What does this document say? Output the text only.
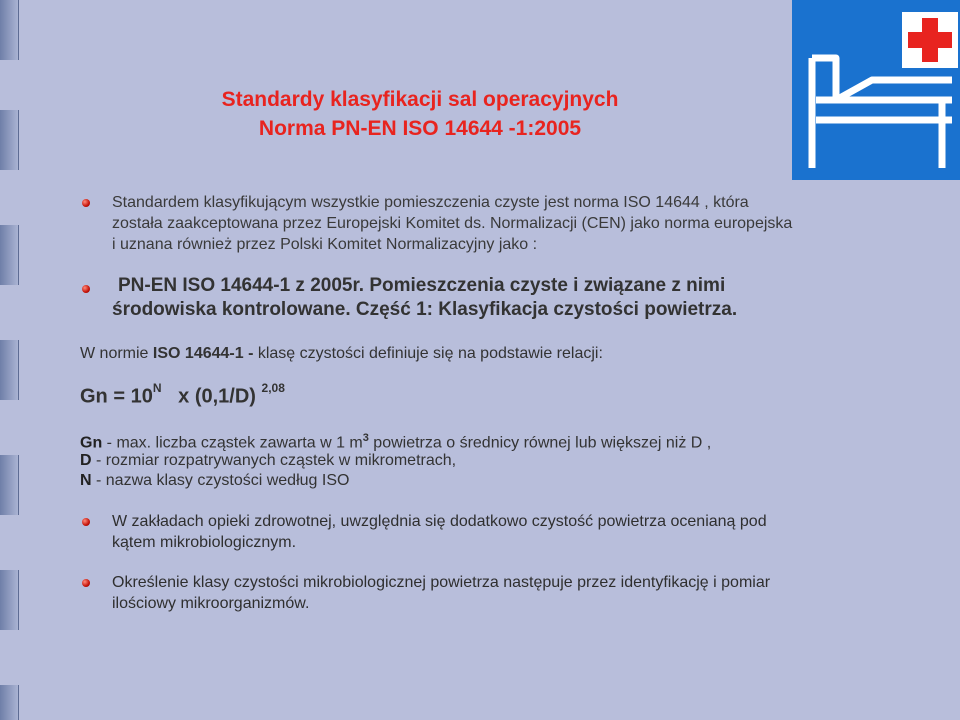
Standardy klasyfikacji sal operacyjnych
Norma PN-EN ISO 14644 -1:2005
Standardem klasyfikującym wszystkie pomieszczenia czyste jest norma ISO 14644 , która
została zaakceptowana przez Europejski Komitet ds. Normalizacji (CEN) jako norma europejska
i uznana również przez Polski Komitet Normalizacyjny jako :
PN-EN ISO 14644-1 z 2005r. Pomieszczenia czyste i związane z nimi
środowiska kontrolowane. Część 1: Klasyfikacja czystości powietrza.
W normie ISO 14644-1 - klasę czystości definiuje się na podstawie relacji:
$Gn = 10^N$ x (0,1/D) $^{2,08}$
Gn - max. liczba cząstek zawarta w 1 $m^3$ powietrza o średnicy równej lub większej niż D ,
D - rozmiar rozpatrywanych cząstek w mikrometrach,
N - nazwa klasy czystości według ISO
W zakładach opieki zdrowotnej, uwzględnia się dodatkowo czystość powietrza ocenianą pod
kątem mikrobiologicznym.
Określenie klasy czystości mikrobiologicznej powietrza następuje przez identyfikację i pomiar
ilościowy mikroorganizmów.
